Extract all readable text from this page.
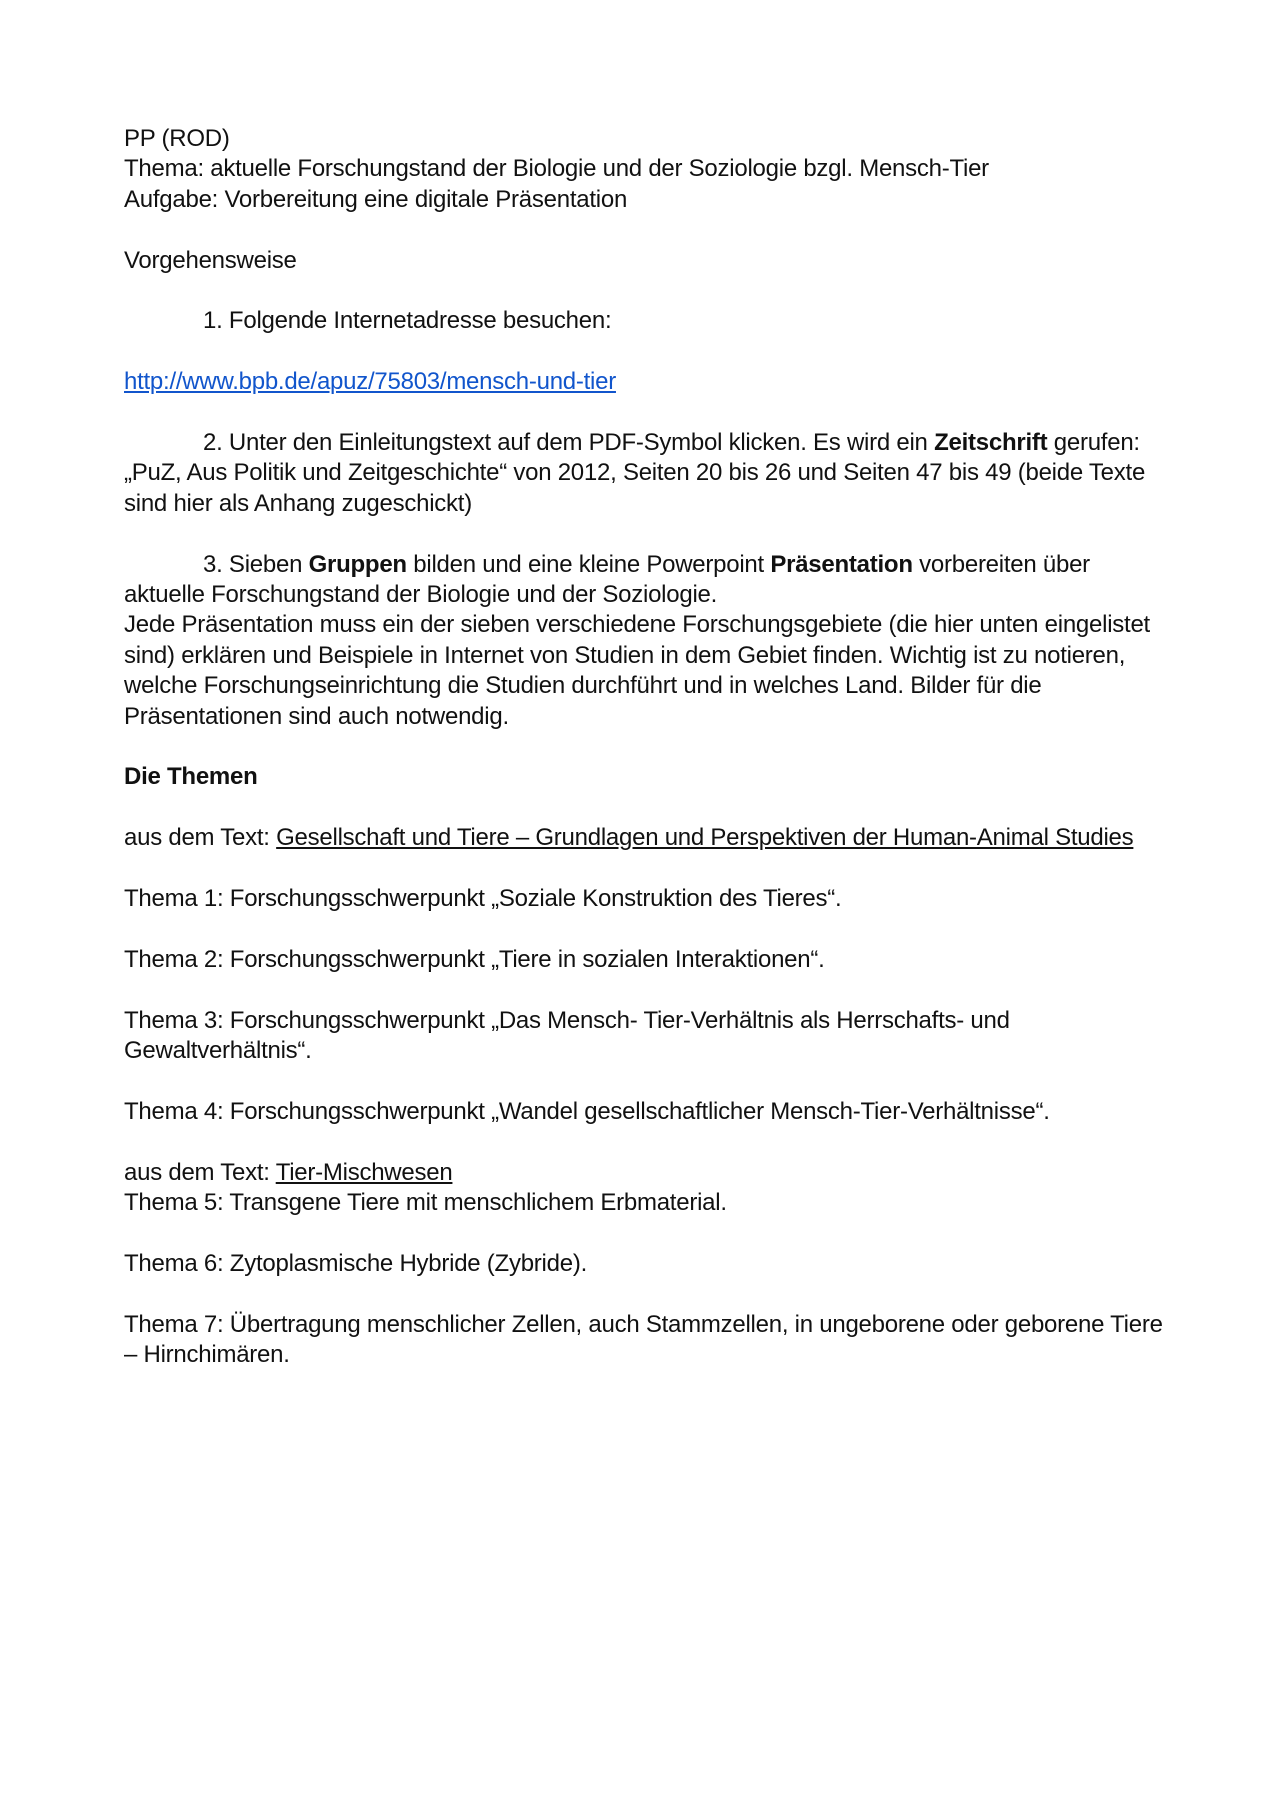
PP (ROD)

Thema: aktuelle Forschungstand der Biologie und der Soziologie bzgl. Mensch-Tier

Aufgabe: Vorbereitung eine digitale Präsentation

Vorgehensweise

1. Folgende Internetadresse besuchen:

http://www.bpb.de/apuz/75803/mensch-und-tier

2. Unter den Einleitungstext auf dem PDF-Symbol klicken. Es wird ein Zeitschrift gerufen: „PuZ, Aus Politik und Zeitgeschichte“ von 2012, Seiten 20 bis 26 und Seiten 47 bis 49 (beide Texte sind hier als Anhang zugeschickt)

3. Sieben Gruppen bilden und eine kleine Powerpoint Präsentation vorbereiten über aktuelle Forschungstand der Biologie und der Soziologie.

Jede Präsentation muss ein der sieben verschiedene Forschungsgebiete (die hier unten eingelistet sind) erklären und Beispiele in Internet von Studien in dem Gebiet finden. Wichtig ist zu notieren, welche Forschungseinrichtung die Studien durchführt und in welches Land. Bilder für die Präsentationen sind auch notwendig.

Die Themen

aus dem Text: Gesellschaft und Tiere – Grundlagen und Perspektiven der Human-Animal Studies

Thema 1: Forschungsschwerpunkt „Soziale Konstruktion des Tieres“.

Thema 2: Forschungsschwerpunkt „Tiere in sozialen Interaktionen“.

Thema 3: Forschungsschwerpunkt „Das Mensch- Tier-Verhältnis als Herrschafts- und Gewaltverhältnis“.

Thema 4: Forschungsschwerpunkt „Wandel gesellschaftlicher Mensch-Tier-Verhältnisse“.

aus dem Text: Tier-Mischwesen

Thema 5: Transgene Tiere mit menschlichem Erbmaterial.

Thema 6: Zytoplasmische Hybride (Zybride).

Thema 7: Übertragung menschlicher Zellen, auch Stammzellen, in ungeborene oder geborene Tiere – Hirnchimären.
